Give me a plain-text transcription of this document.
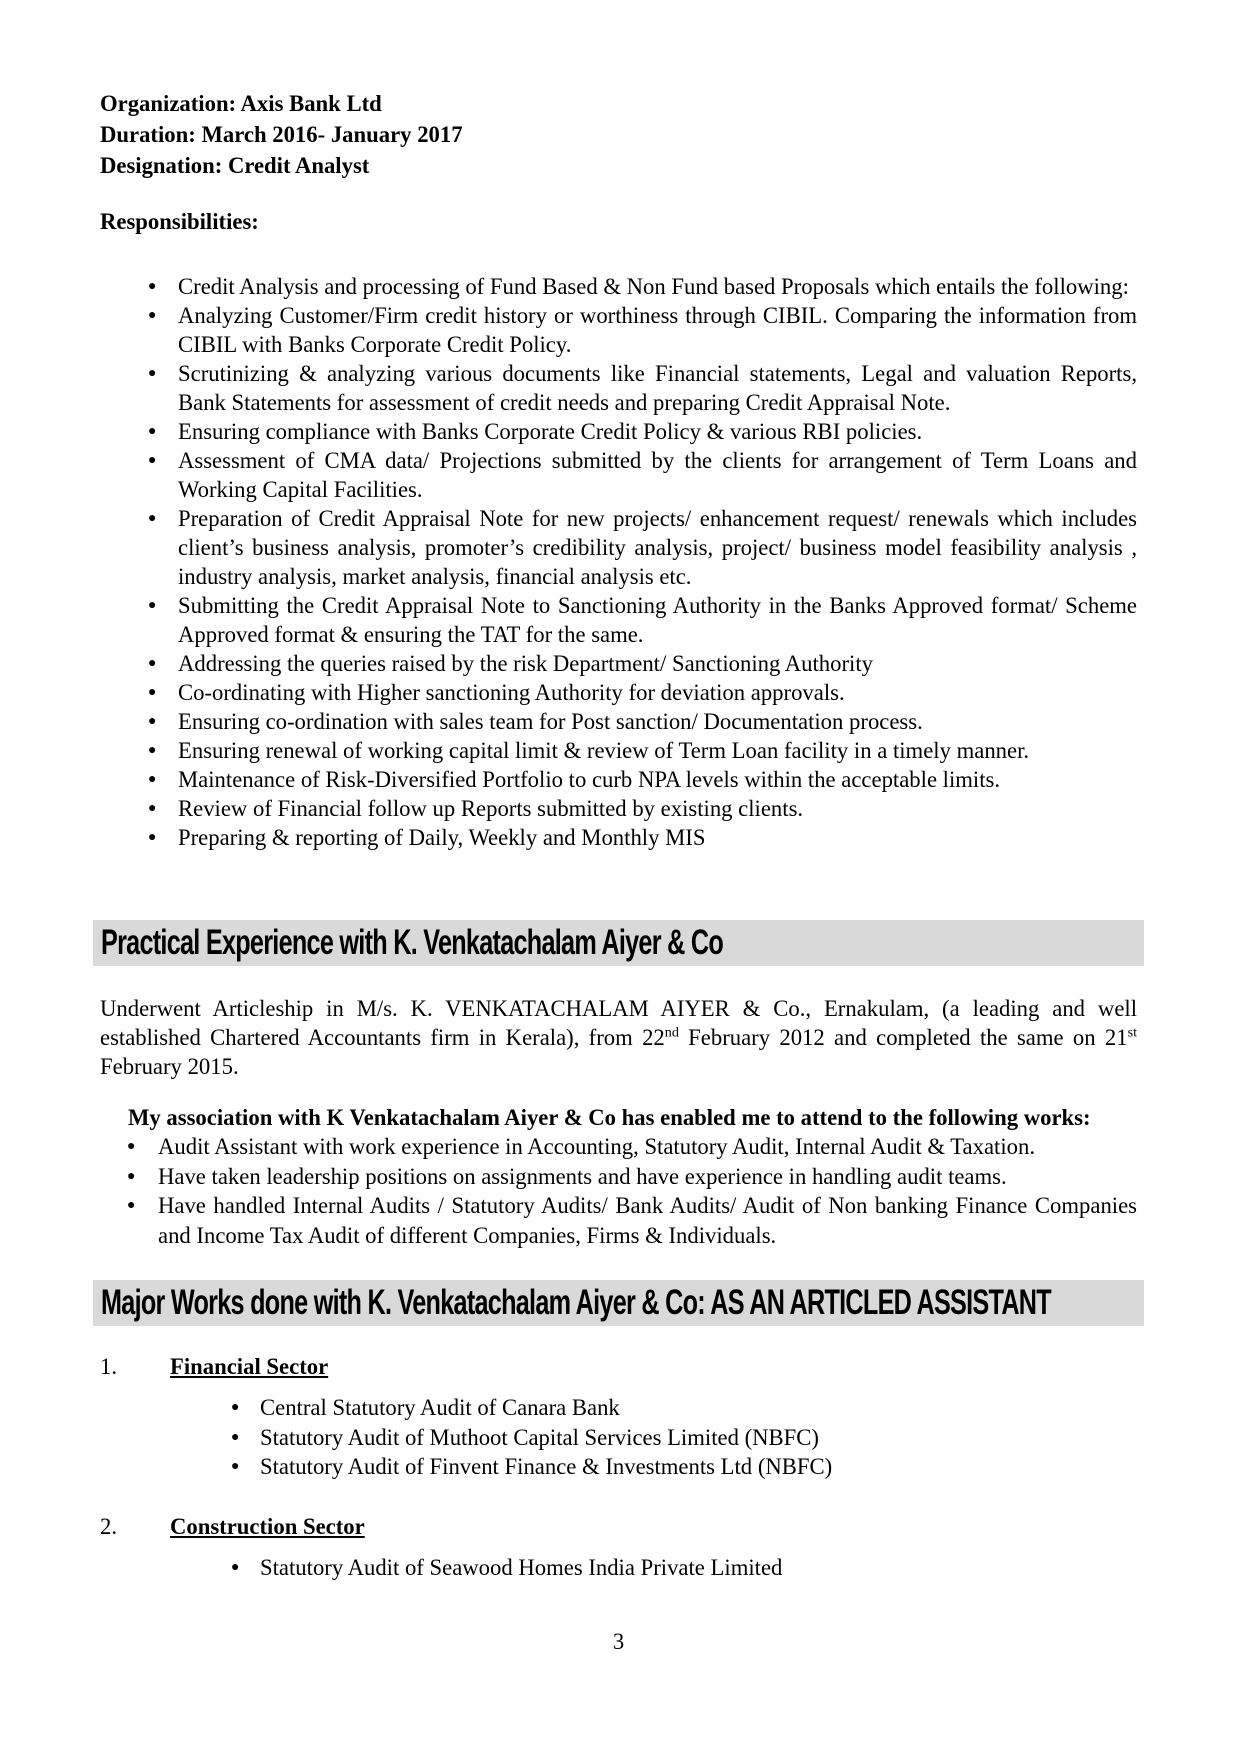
Organization: Axis Bank Ltd

Duration: March 2016- January 2017

Designation: Credit Analyst

Responsibilities:

● Credit Analysis and processing of Fund Based & Non Fund based Proposals which entails the following:
● Analyzing Customer/Firm credit history or worthiness through CIBIL. Comparing the information from CIBIL with Banks Corporate Credit Policy.
● Scrutinizing & analyzing various documents like Financial statements, Legal and valuation Reports, Bank Statements for assessment of credit needs and preparing Credit Appraisal Note.
● Ensuring compliance with Banks Corporate Credit Policy & various RBI policies.
● Assessment of CMA data/ Projections submitted by the clients for arrangement of Term Loans and Working Capital Facilities.
● Preparation of Credit Appraisal Note for new projects/ enhancement request/ renewals which includes client’s business analysis, promoter’s credibility analysis, project/ business model feasibility analysis , industry analysis, market analysis, financial analysis etc.
● Submitting the Credit Appraisal Note to Sanctioning Authority in the Banks Approved format/ Scheme Approved format & ensuring the TAT for the same.
● Addressing the queries raised by the risk Department/ Sanctioning Authority
● Co-ordinating with Higher sanctioning Authority for deviation approvals.
● Ensuring co-ordination with sales team for Post sanction/ Documentation process.
● Ensuring renewal of working capital limit & review of Term Loan facility in a timely manner.
● Maintenance of Risk-Diversified Portfolio to curb NPA levels within the acceptable limits.
● Review of Financial follow up Reports submitted by existing clients.
● Preparing & reporting of Daily, Weekly and Monthly MIS
Practical Experience with K. Venkatachalam Aiyer & Co

Underwent Articleship in M/s. K. VENKATACHALAM AIYER & Co., Ernakulam, (a leading and well established Chartered Accountants firm in Kerala), from 22nd February 2012 and completed the same on 21st February 2015.

My association with K Venkatachalam Aiyer & Co has enabled me to attend to the following works:

● Audit Assistant with work experience in Accounting, Statutory Audit, Internal Audit & Taxation.
● Have taken leadership positions on assignments and have experience in handling audit teams.
● Have handled Internal Audits / Statutory Audits/ Bank Audits/ Audit of Non banking Finance Companies and Income Tax Audit of different Companies, Firms & Individuals.
Major Works done with K. Venkatachalam Aiyer & Co: AS AN ARTICLED ASSISTANT
1.	Financial Sector
● Central Statutory Audit of Canara Bank
● Statutory Audit of Muthoot Capital Services Limited (NBFC)
● Statutory Audit of Finvent Finance & Investments Ltd (NBFC)
2.	Construction Sector
● Statutory Audit of Seawood Homes India Private Limited
3
